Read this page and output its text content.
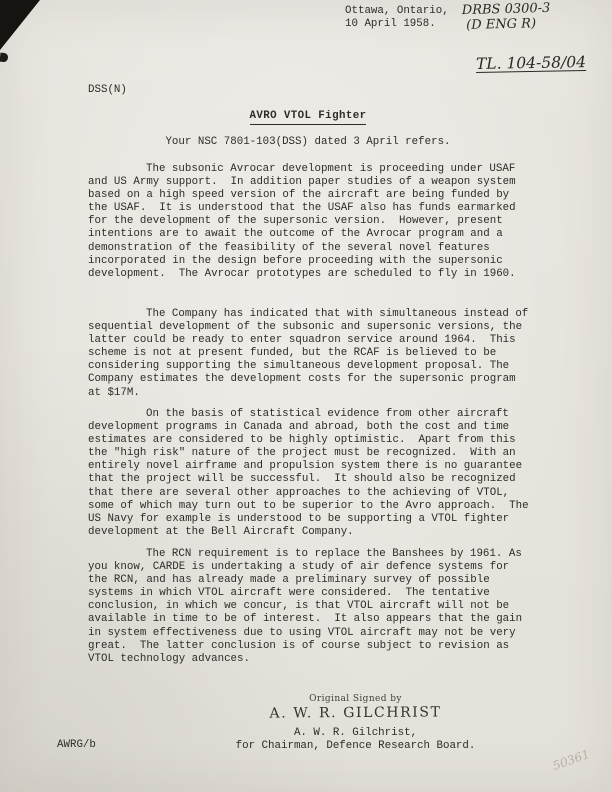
Ottawa, Ontario,
10 April 1958.
DRBS 0300-3
(D ENG R)
TL. 104-58/04
DSS(N)
AVRO VTOL Fighter
Your NSC 7801-103(DSS) dated 3 April refers.
The subsonic Avrocar development is proceeding under USAF and US Army support.  In addition paper studies of a weapon system based on a high speed version of the aircraft are being funded by the USAF.  It is understood that the USAF also has funds earmarked for the development of the supersonic version.  However, present intentions are to await the outcome of the Avrocar program and a demonstration of the feasibility of the several novel features incorporated in the design before proceeding with the supersonic development.  The Avrocar prototypes are scheduled to fly in 1960.
The Company has indicated that with simultaneous instead of sequential development of the subsonic and supersonic versions, the latter could be ready to enter squadron service around 1964.  This scheme is not at present funded, but the RCAF is believed to be considering supporting the simultaneous development proposal. The Company estimates the development costs for the supersonic program at $17M.
On the basis of statistical evidence from other aircraft development programs in Canada and abroad, both the cost and time estimates are considered to be highly optimistic.  Apart from this the "high risk" nature of the project must be recognized.  With an entirely novel airframe and propulsion system there is no guarantee that the project will be successful.  It should also be recognized that there are several other approaches to the achieving of VTOL, some of which may turn out to be superior to the Avro approach.  The US Navy for example is understood to be supporting a VTOL fighter development at the Bell Aircraft Company.
The RCN requirement is to replace the Banshees by 1961. As you know, CARDE is undertaking a study of air defence systems for the RCN, and has already made a preliminary survey of possible systems in which VTOL aircraft were considered.  The tentative conclusion, in which we concur, is that VTOL aircraft will not be available in time to be of interest.  It also appears that the gain in system effectiveness due to using VTOL aircraft may not be very great.  The latter conclusion is of course subject to revision as VTOL technology advances.
Original Signed by
A. W. R. GILCHRIST
A. W. R. Gilchrist,
for Chairman, Defence Research Board.
AWRG/b
50361
